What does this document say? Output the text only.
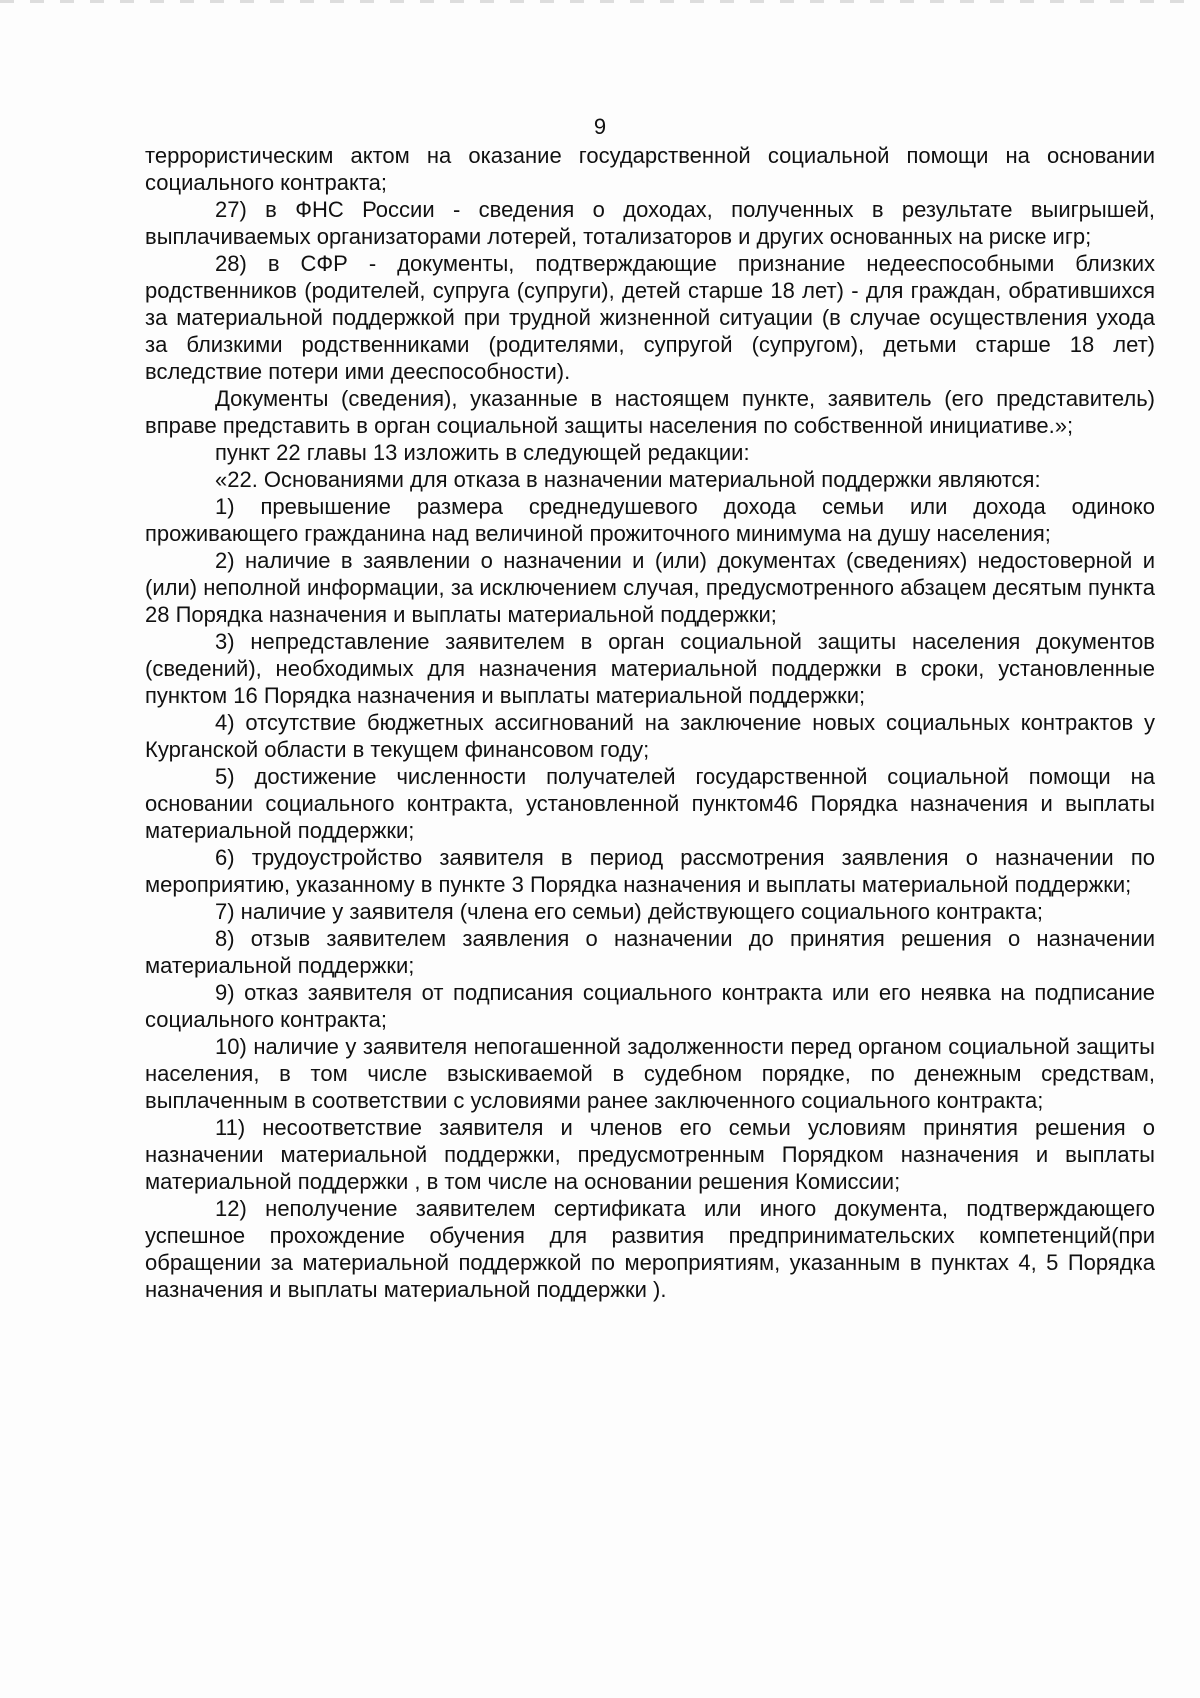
9

террористическим актом на оказание государственной социальной помощи на основании социального контракта;

27) в ФНС России - сведения о доходах, полученных в результате выигрышей, выплачиваемых организаторами лотерей, тотализаторов и других основанных на риске игр;

28) в СФР - документы, подтверждающие признание недееспособными близких родственников (родителей, супруга (супруги), детей старше 18 лет) - для граждан, обратившихся за материальной поддержкой при трудной жизненной ситуации (в случае осуществления ухода за близкими родственниками (родителями, супругой (супругом), детьми старше 18 лет) вследствие потери ими дееспособности).

Документы (сведения), указанные в настоящем пункте, заявитель (его представитель) вправе представить в орган социальной защиты населения по собственной инициативе.»;

пункт 22 главы 13 изложить в следующей редакции:

«22. Основаниями для отказа в назначении материальной поддержки являются:

1) превышение размера среднедушевого дохода семьи или дохода одиноко проживающего гражданина над величиной прожиточного минимума на душу населения;

2) наличие в заявлении о назначении и (или) документах (сведениях) недостоверной и (или) неполной информации, за исключением случая, предусмотренного абзацем десятым пункта 28 Порядка назначения и выплаты материальной поддержки;

3) непредставление заявителем в орган социальной защиты населения документов (сведений), необходимых для назначения материальной поддержки в сроки, установленные пунктом 16 Порядка назначения и выплаты материальной поддержки;

4) отсутствие бюджетных ассигнований на заключение новых социальных контрактов у Курганской области в текущем финансовом году;

5) достижение численности получателей государственной социальной помощи на основании социального контракта, установленной пунктом46 Порядка назначения и выплаты материальной поддержки;

6) трудоустройство заявителя в период рассмотрения заявления о назначении по мероприятию, указанному в пункте 3 Порядка назначения и выплаты материальной поддержки;

7) наличие у заявителя (члена его семьи) действующего социального контракта;

8) отзыв заявителем заявления о назначении до принятия решения о назначении материальной поддержки;

9) отказ заявителя от подписания социального контракта или его неявка на подписание социального контракта;

10) наличие у заявителя непогашенной задолженности перед органом социальной защиты населения, в том числе взыскиваемой в судебном порядке, по денежным средствам, выплаченным в соответствии с условиями ранее заключенного социального контракта;

11) несоответствие заявителя и членов его семьи условиям принятия решения о назначении материальной поддержки, предусмотренным Порядком назначения и выплаты материальной поддержки , в том числе на основании решения Комиссии;

12) неполучение заявителем сертификата или иного документа, подтверждающего успешное прохождение обучения для развития предпринимательских компетенций(при обращении за материальной поддержкой по мероприятиям, указанным в пунктах 4, 5 Порядка назначения и выплаты материальной поддержки ).
